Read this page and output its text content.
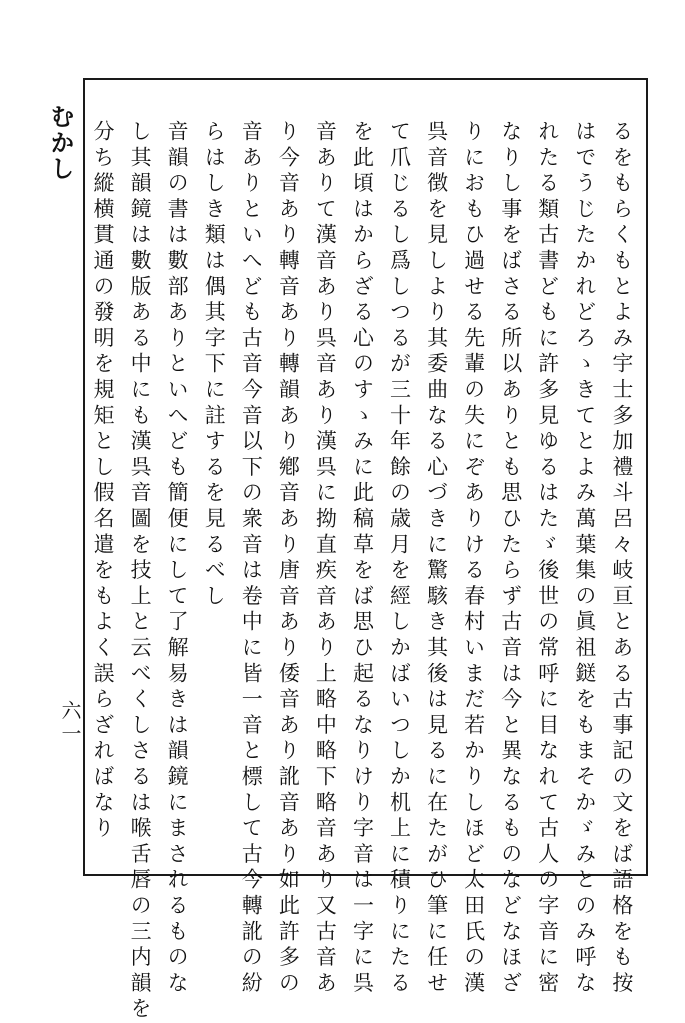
むかし
六一	るをもらくもとよみ宇士多加禮斗呂々岐亘とある古事記の文をば語格をも按
はでうじたかれどろゝきてとよみ萬葉集の眞祖鎹をもまそかゞみとのみ呼な
れたる類古書どもに許多見ゆるはたゞ後世の常呼に目なれて古人の字音に密
なりし事をばさる所以ありとも思ひたらず古音は今と異なるものなどなほざ
りにおもひ過せる先輩の失にぞありける春村いまだ若かりしほど太田氏の漢
呉音徴を見しより其委曲なる心づきに驚駭き其後は見るに在たがひ筆に任せ
て爪じるし爲しつるが三十年餘の歳月を經しかばいつしか机上に積りにたる
を此頃はからざる心のすゝみに此稿草をば思ひ起るなりけり字音は一字に呉
音ありて漢音あり呉音あり漢呉に拗直疾音あり上略中略下略音あり又古音あ
り今音あり轉音あり轉韻あり鄕音あり唐音あり倭音あり訛音あり如此許多の
音ありといへども古音今音以下の衆音は卷中に皆一音と標して古今轉訛の紛
らはしき類は偶其字下に註するを見るべし
音韻の書は數部ありといへども簡便にして了解易きは韻鏡にまされるものな
し其韻鏡は數版ある中にも漢呉音圖を技上と云べくしさるは喉舌唇の三内韻を
分ち縱横貫通の發明を規矩とし假名遣をもよく誤らざればなり
